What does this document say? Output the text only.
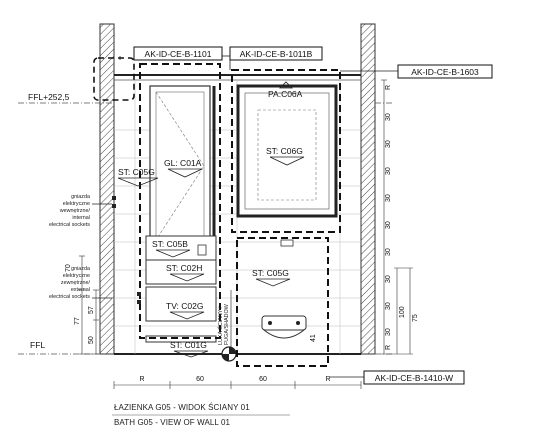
AK-ID-CE-B-1101	AK-ID-CE-B-1011B
AK-ID-CE-B-1603
AK-ID-CE-B-1410-W
FFL+252,5
FFL
ST: C05G
GL: C01A
PA:C06A
ST: C06G
ST: C05B
ST: C02H	ST: C05G
TV: C02G
ST: C01G
gniazda
elektryczne
wewnętrzne/
internal
electrical sockets
gniazda
elektryczne
zewnętrzne/
external
electrical sockets
LUKA ŚCIANY / FUGA/SHADOW	41
70
77
57
50
R	60	60	R
R
30
30
30
30
30
30
30
30
30
R
100
75
ŁAZIENKA G05 - WIDOK ŚCIANY 01
BATH G05 - VIEW OF WALL 01
